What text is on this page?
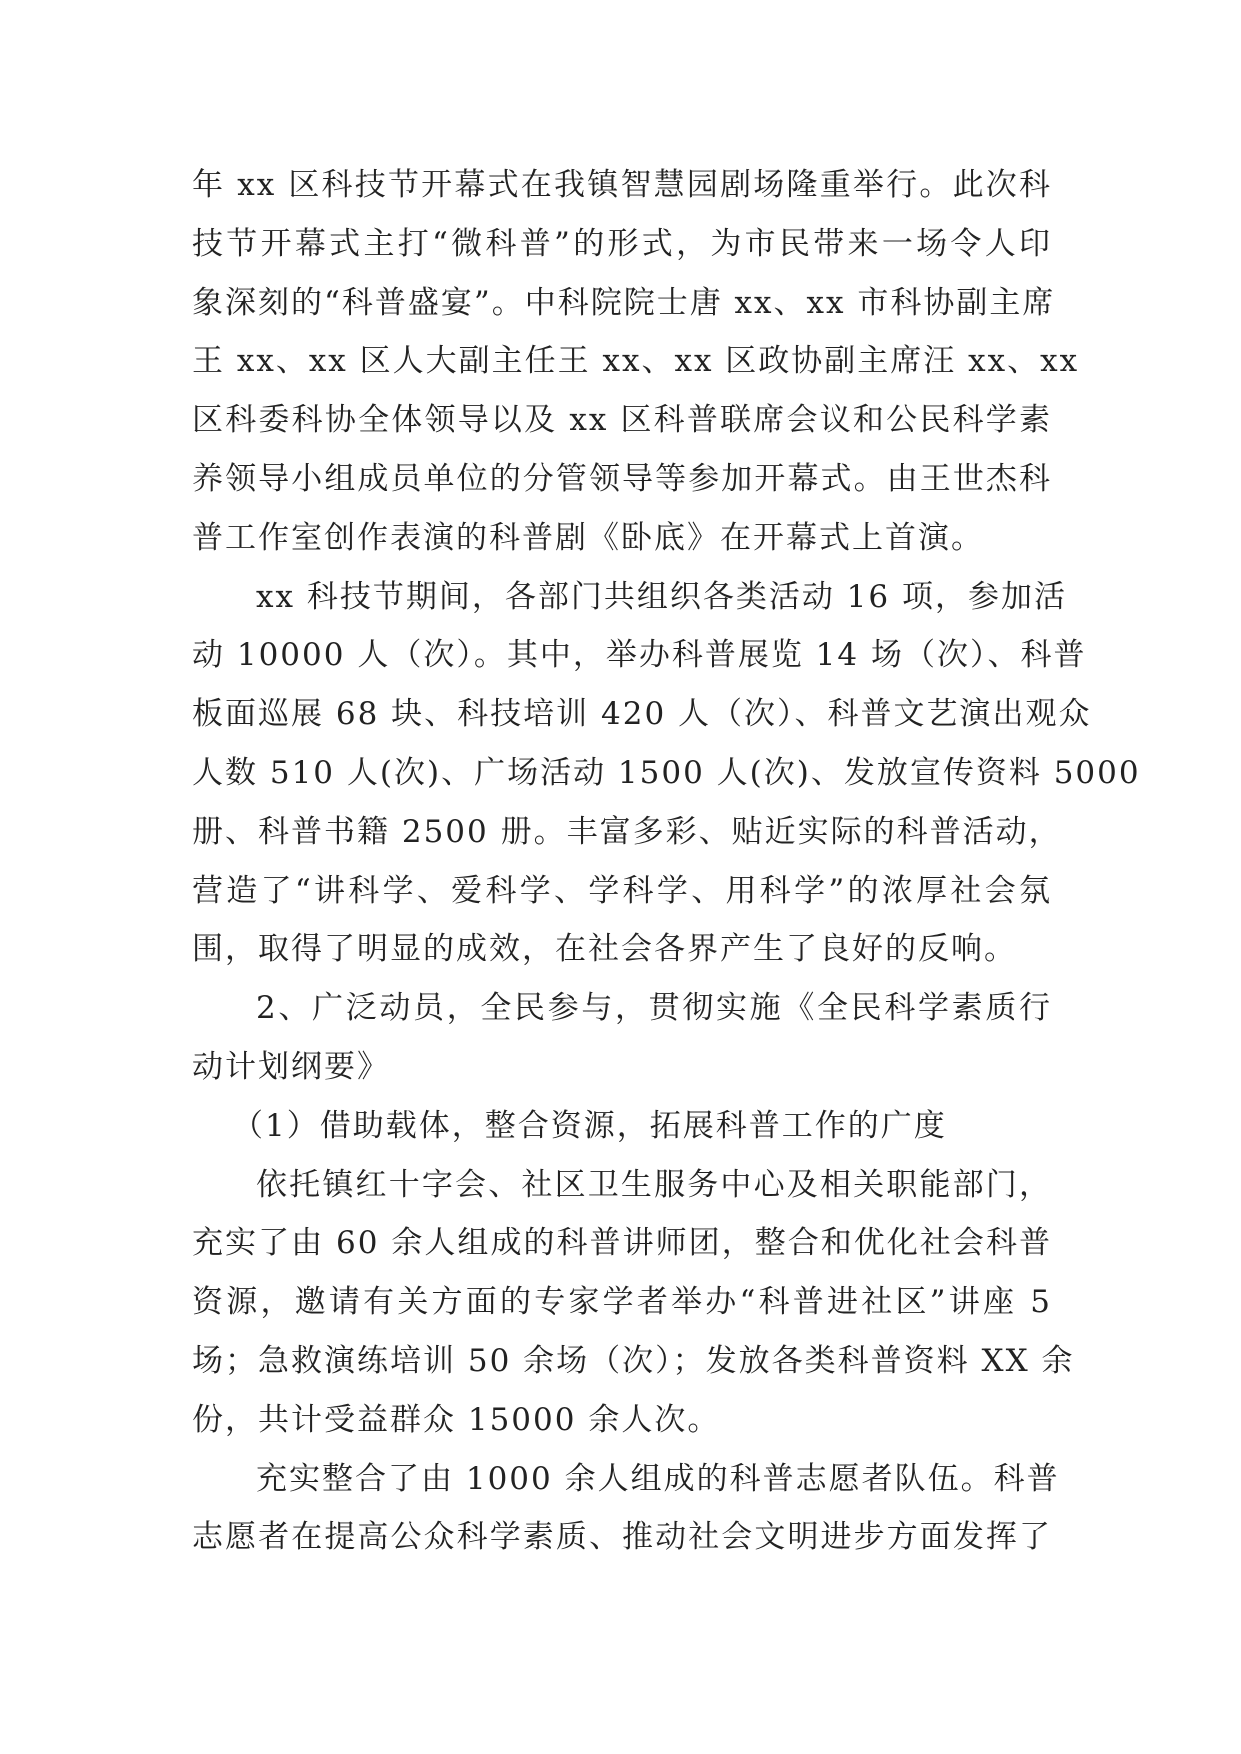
年 xx 区科技节开幕式在我镇智慧园剧场隆重举行。此次科
技节开幕式主打“微科普”的形式，为市民带来一场令人印
象深刻的“科普盛宴”。中科院院士唐 xx、xx 市科协副主席
王 xx、xx 区人大副主任王 xx、xx 区政协副主席汪 xx、xx
区科委科协全体领导以及 xx 区科普联席会议和公民科学素
养领导小组成员单位的分管领导等参加开幕式。由王世杰科
普工作室创作表演的科普剧《卧底》在开幕式上首演。
xx 科技节期间，各部门共组织各类活动 16 项，参加活
动 10000 人（次）。其中，举办科普展览 14 场（次）、科普
板面巡展 68 块、科技培训 420 人（次）、科普文艺演出观众
人数 510 人(次)、广场活动 1500 人(次)、发放宣传资料 5000
册、科普书籍 2500 册。丰富多彩、贴近实际的科普活动，
营造了“讲科学、爱科学、学科学、用科学”的浓厚社会氛
围，取得了明显的成效，在社会各界产生了良好的反响。
2、广泛动员，全民参与，贯彻实施《全民科学素质行
动计划纲要》
（1）借助载体，整合资源，拓展科普工作的广度
依托镇红十字会、社区卫生服务中心及相关职能部门，
充实了由 60 余人组成的科普讲师团，整合和优化社会科普
资源，邀请有关方面的专家学者举办“科普进社区”讲座 5
场；急救演练培训 50 余场（次）；发放各类科普资料 XX 余
份，共计受益群众 15000 余人次。
充实整合了由 1000 余人组成的科普志愿者队伍。科普
志愿者在提高公众科学素质、推动社会文明进步方面发挥了
